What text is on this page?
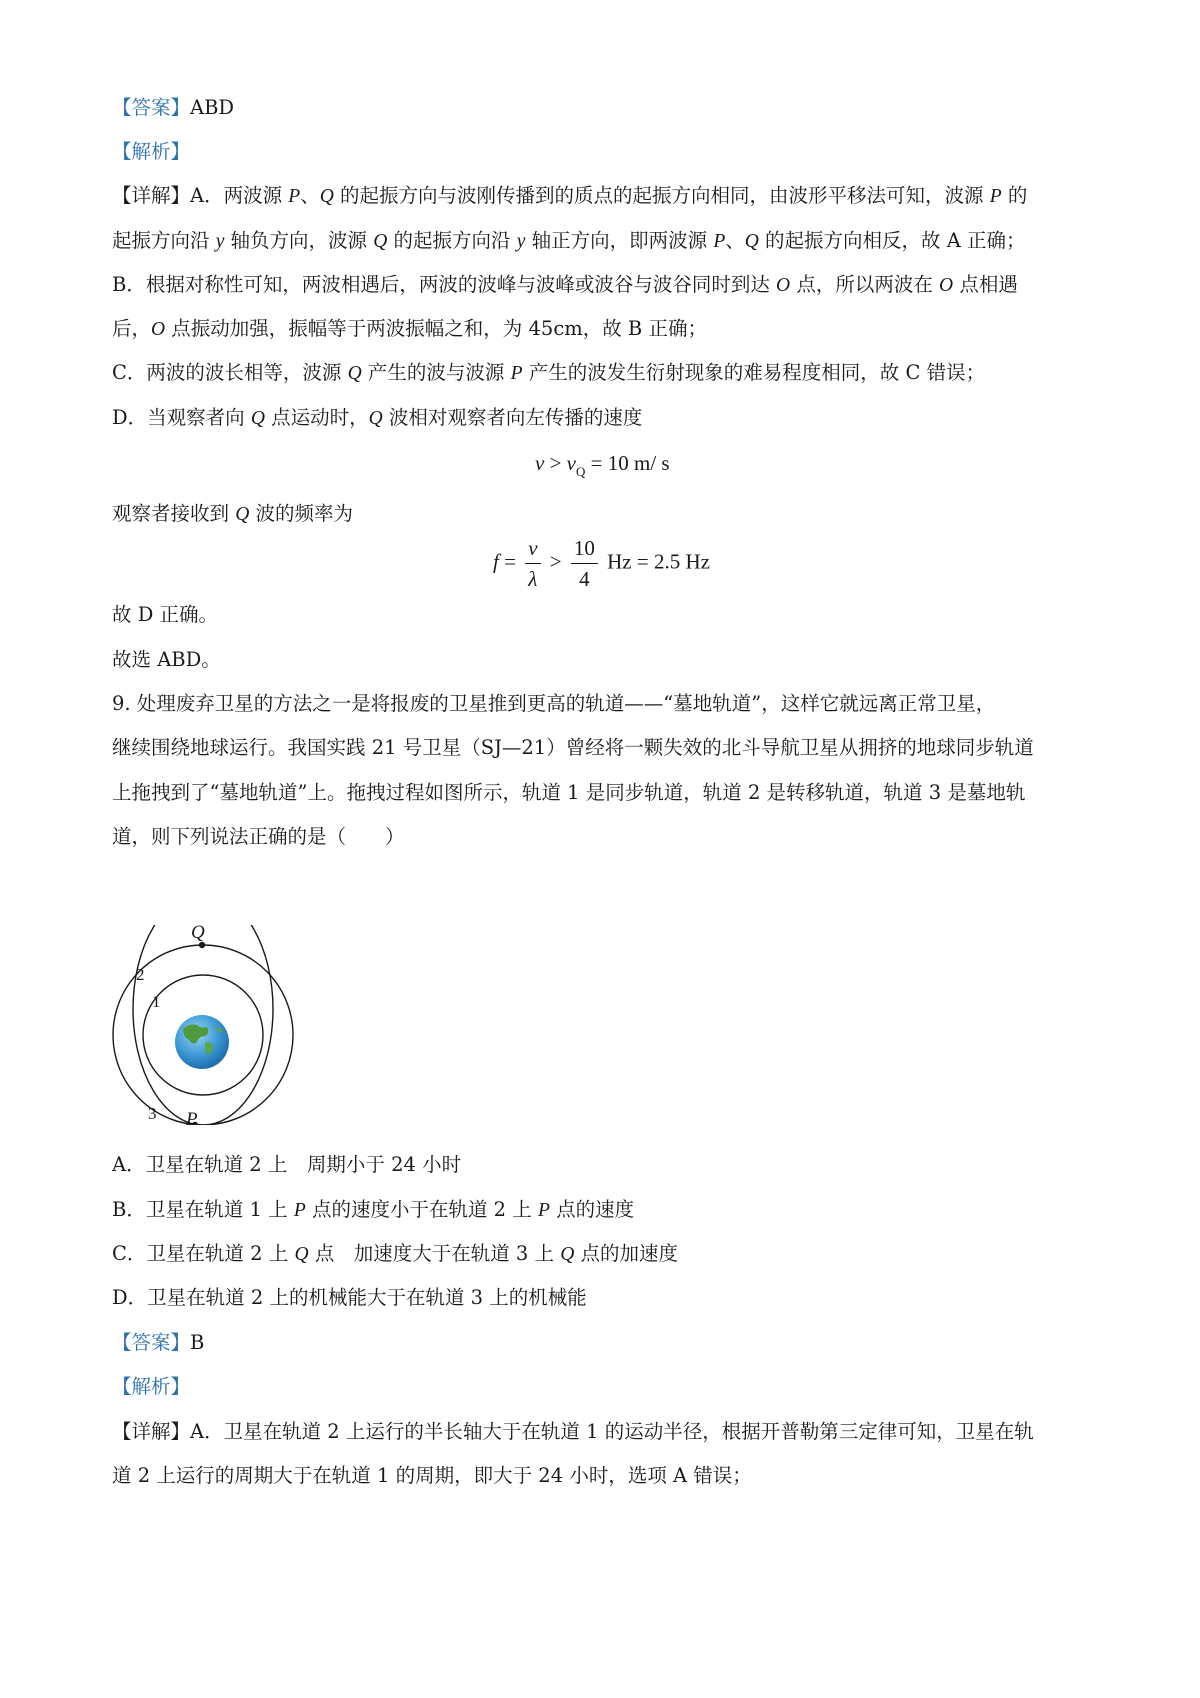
【答案】ABD
【解析】
【详解】A．两波源 P、Q 的起振方向与波刚传播到的质点的起振方向相同，由波形平移法可知，波源 P 的
起振方向沿 y 轴负方向，波源 Q 的起振方向沿 y 轴正方向，即两波源 P、Q 的起振方向相反，故 A 正确；
B．根据对称性可知，两波相遇后，两波的波峰与波峰或波谷与波谷同时到达 O 点，所以两波在 O 点相遇
后，O 点振动加强，振幅等于两波振幅之和，为 45cm，故 B 正确；
C．两波的波长相等，波源 Q 产生的波与波源 P 产生的波发生衍射现象的难易程度相同，故 C 错误；
D．当观察者向 Q 点运动时，Q 波相对观察者向左传播的速度
$v > v_Q = 10$ m/ s
观察者接收到 Q 波的频率为
$f = \frac{v}{\lambda} > \frac{10}{4}$ Hz = 2.5 Hz
故 D 正确。
故选 ABD。
9. 处理废弃卫星的方法之一是将报废的卫星推到更高的轨道——“墓地轨道”，这样它就远离正常卫星，
继续围绕地球运行。我国实践 21 号卫星（SJ—21）曾经将一颗失效的北斗导航卫星从拥挤的地球同步轨道
上拖拽到了“墓地轨道”上。拖拽过程如图所示，轨道 1 是同步轨道，轨道 2 是转移轨道，轨道 3 是墓地轨
道，则下列说法正确的是（　　）
Q
P
1
2
3
A．卫星在轨道 2 上　周期小于 24 小时
B．卫星在轨道 1 上 P 点的速度小于在轨道 2 上 P 点的速度
C．卫星在轨道 2 上 Q 点　加速度大于在轨道 3 上 Q 点的加速度
D．卫星在轨道 2 上的机械能大于在轨道 3 上的机械能
【答案】B
【解析】
【详解】A．卫星在轨道 2 上运行的半长轴大于在轨道 1 的运动半径，根据开普勒第三定律可知，卫星在轨
道 2 上运行的周期大于在轨道 1 的周期，即大于 24 小时，选项 A 错误；
